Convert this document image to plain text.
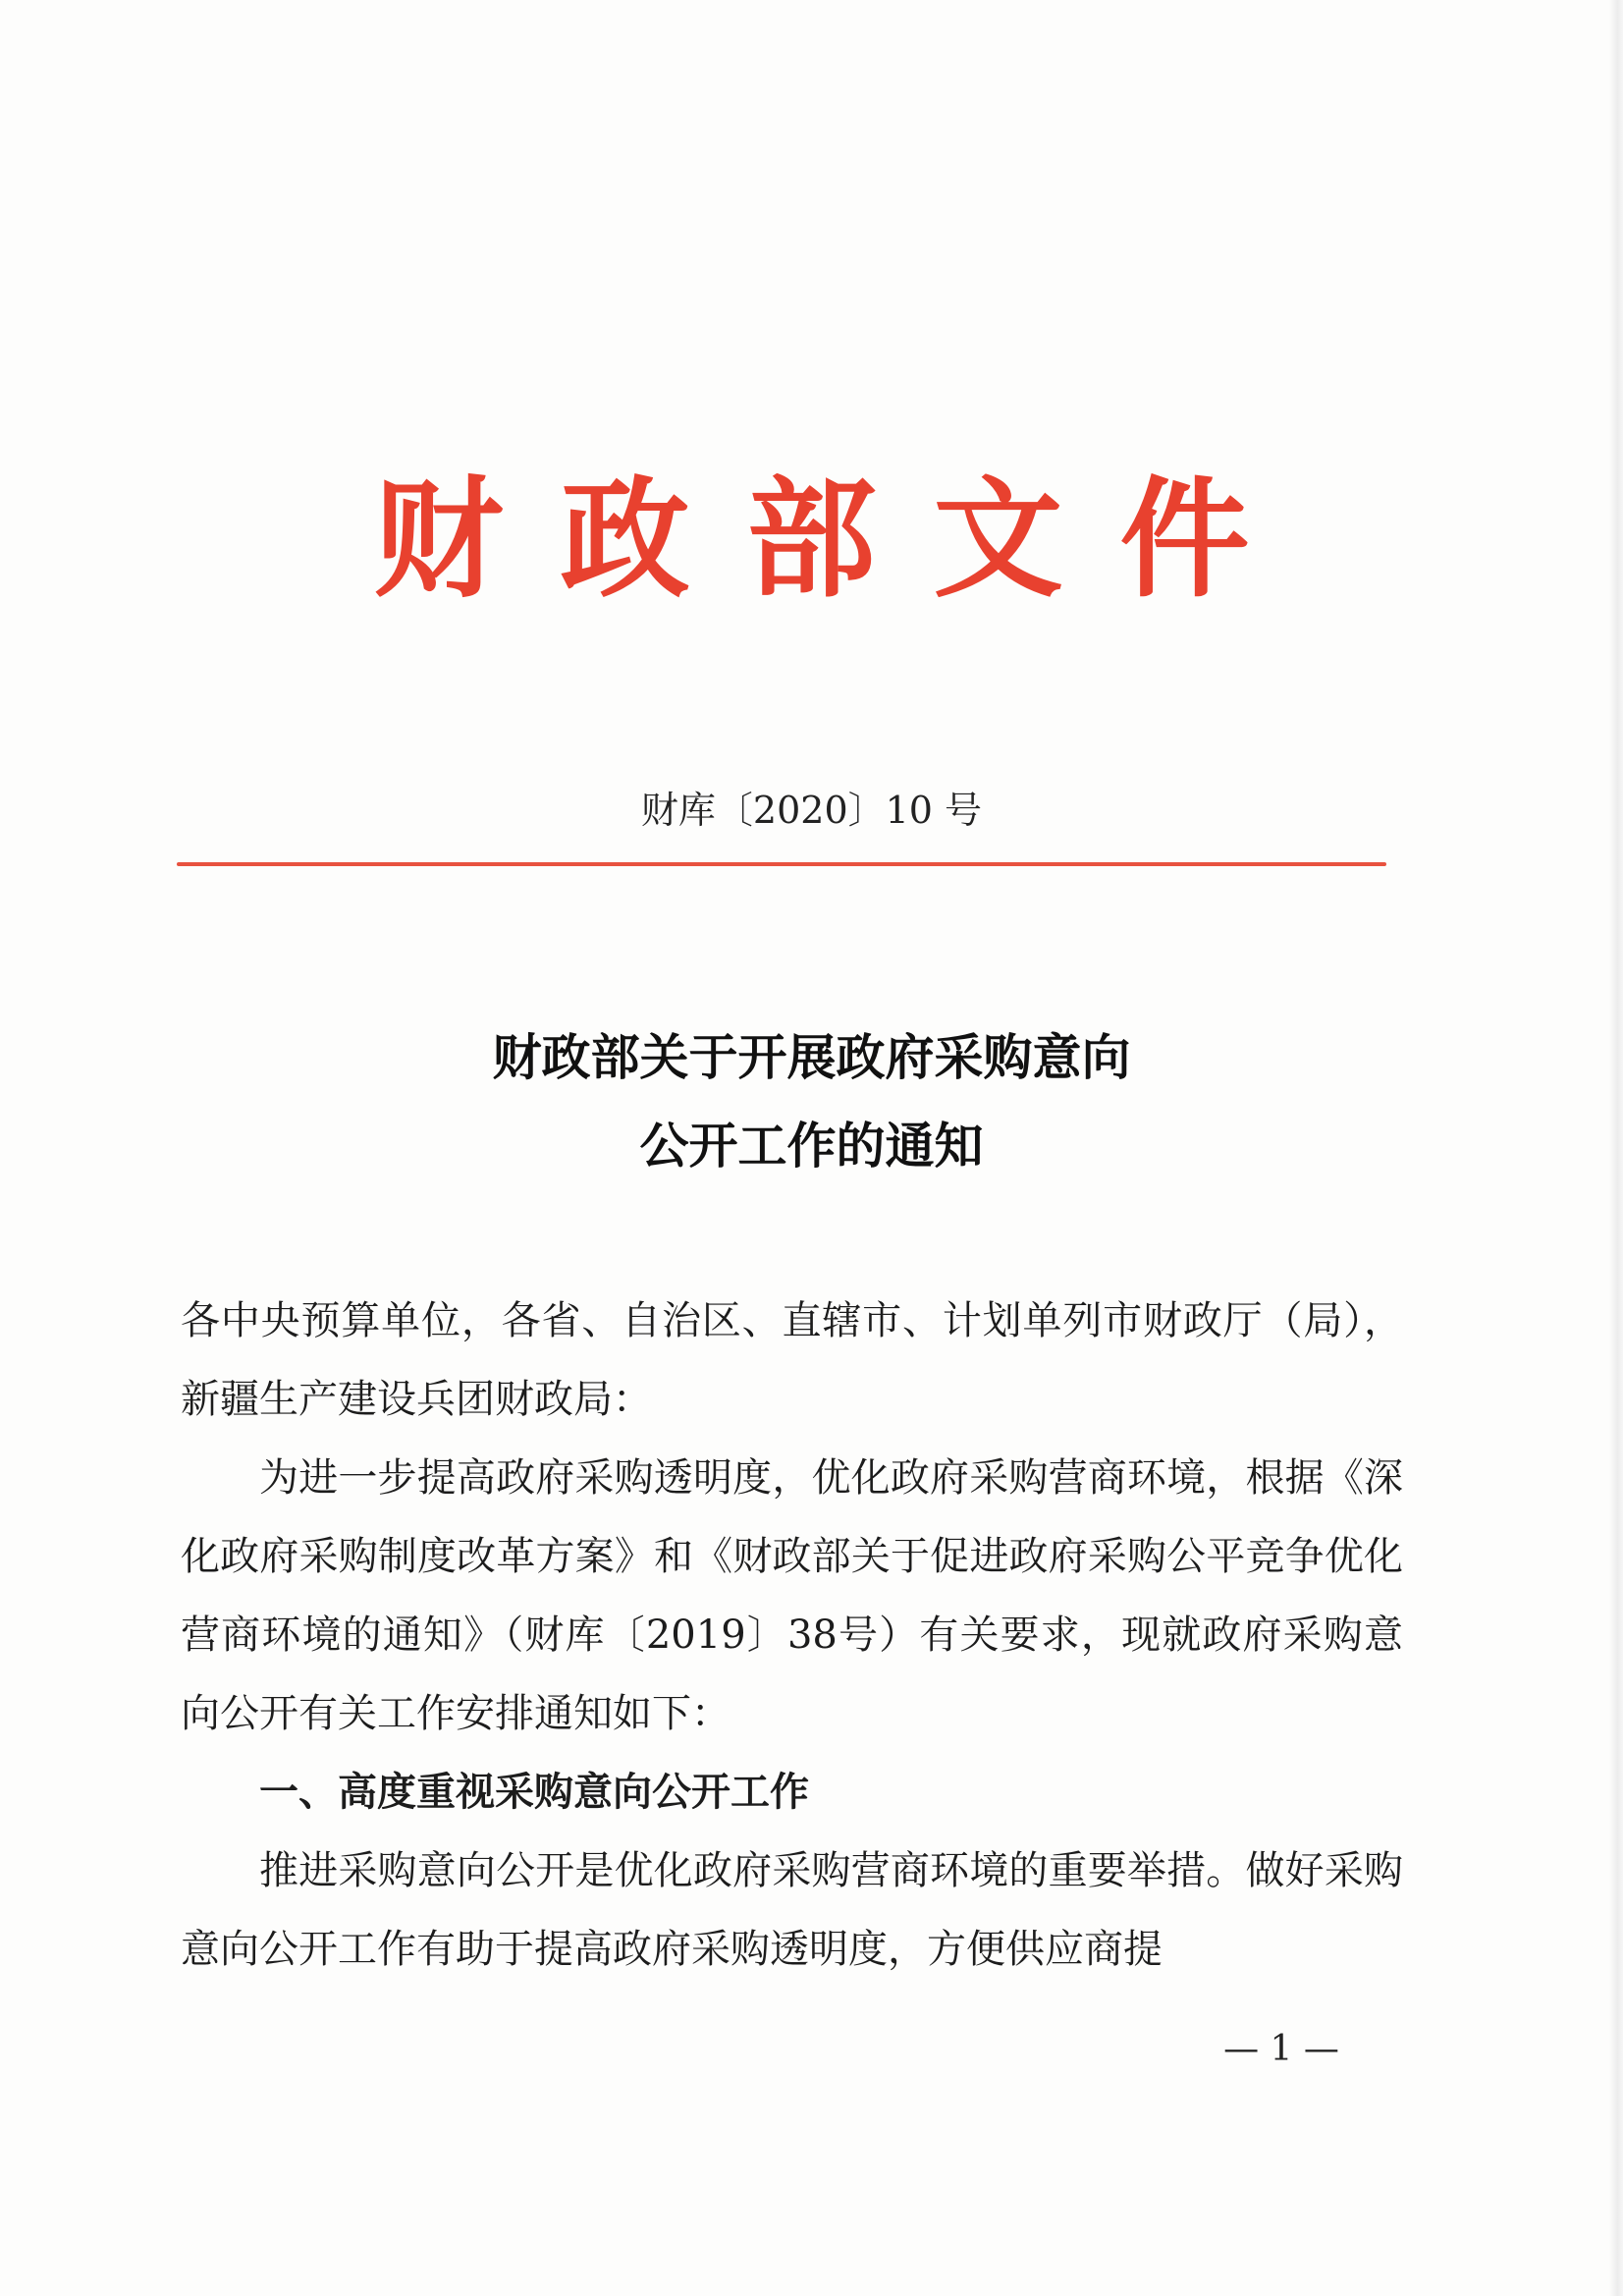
财政部文件
财库〔2020〕10 号
财政部关于开展政府采购意向
公开工作的通知

各中央预算单位，各省、自治区、直辖市、计划单列市财政厅（局），新疆生产建设兵团财政局：

为进一步提高政府采购透明度，优化政府采购营商环境，根据《深化政府采购制度改革方案》和《财政部关于促进政府采购公平竞争优化营商环境的通知》（财库〔2019〕38号）有关要求，现就政府采购意向公开有关工作安排通知如下：

一、高度重视采购意向公开工作

推进采购意向公开是优化政府采购营商环境的重要举措。做好采购意向公开工作有助于提高政府采购透明度，方便供应商提

— 1 —
